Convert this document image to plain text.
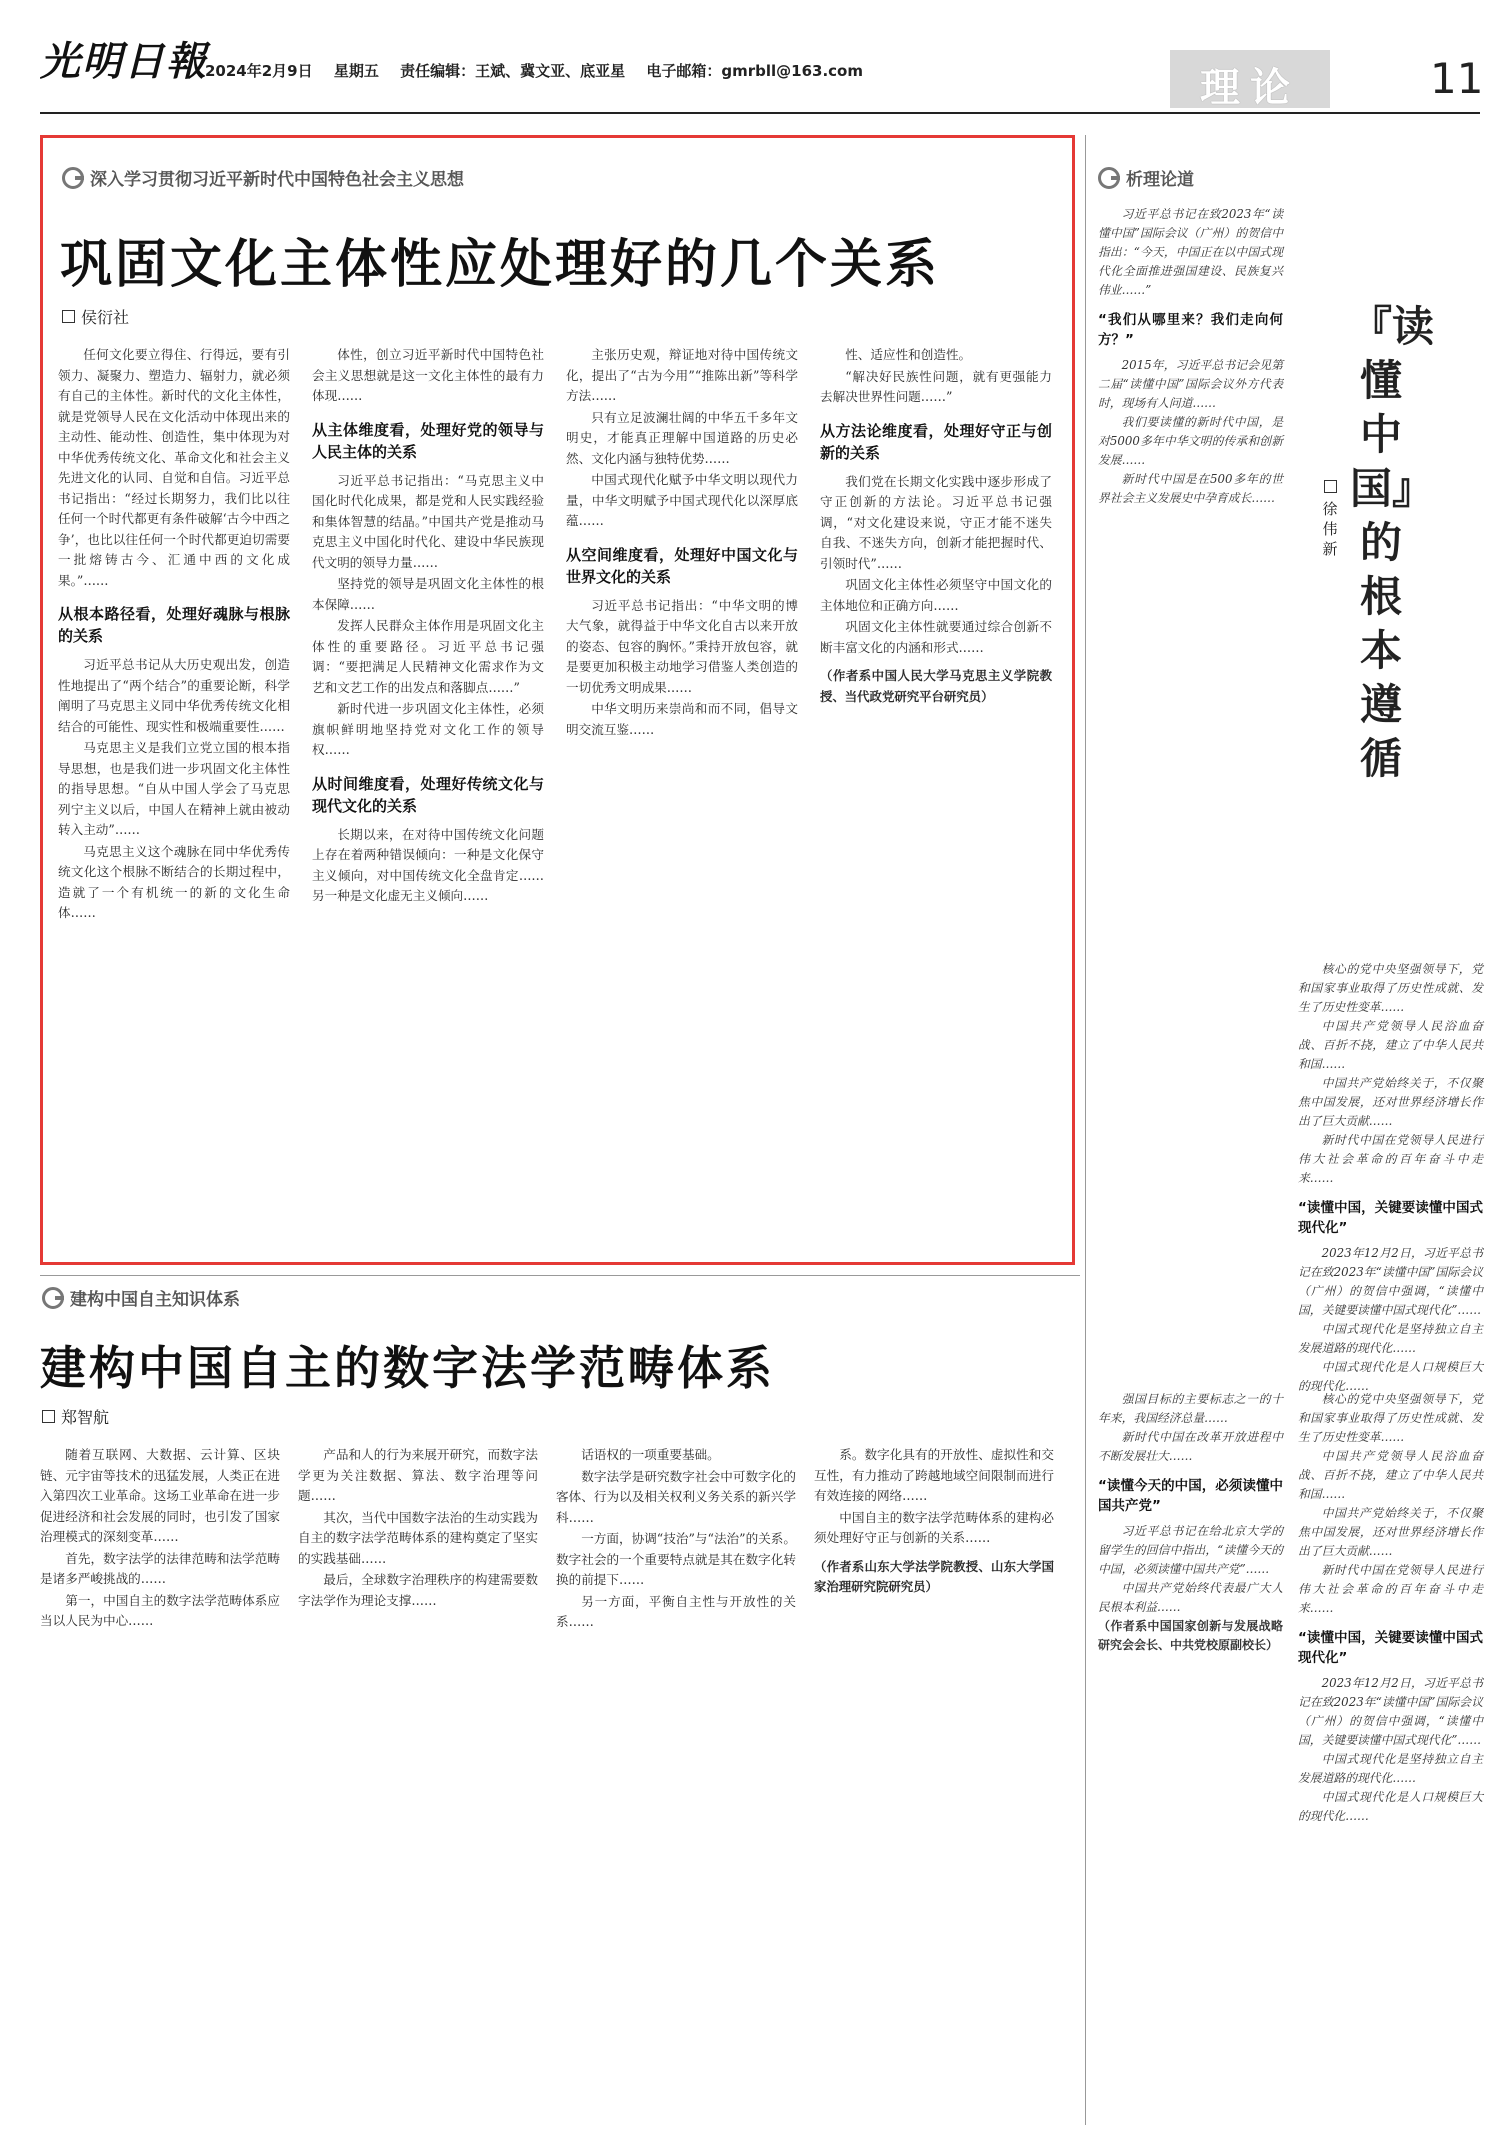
光明日報
2024年2月9日 星期五 责任编辑：王斌、冀文亚、底亚星 电子邮箱：gmrbll@163.com	理论	11
深入学习贯彻习近平新时代中国特色社会主义思想
巩固文化主体性应处理好的几个关系
侯衍社

任何文化要立得住、行得远，要有引领力、凝聚力、塑造力、辐射力，就必须有自己的主体性。新时代的文化主体性，就是党领导人民在文化活动中体现出来的主动性、能动性、创造性，集中体现为对中华优秀传统文化、革命文化和社会主义先进文化的认同、自觉和自信。习近平总书记指出：“经过长期努力，我们比以往任何一个时代都更有条件破解‘古今中西之争’，也比以往任何一个时代都更迫切需要一批熔铸古今、汇通中西的文化成果。”……

从根本路径看，处理好魂脉与根脉的关系

习近平总书记从大历史观出发，创造性地提出了“两个结合”的重要论断，科学阐明了马克思主义同中华优秀传统文化相结合的可能性、现实性和极端重要性……

马克思主义是我们立党立国的根本指导思想，也是我们进一步巩固文化主体性的指导思想。“自从中国人学会了马克思列宁主义以后，中国人在精神上就由被动转入主动”……

马克思主义这个魂脉在同中华优秀传统文化这个根脉不断结合的长期过程中，造就了一个有机统一的新的文化生命体……

体性，创立习近平新时代中国特色社会主义思想就是这一文化主体性的最有力体现……

从主体维度看，处理好党的领导与人民主体的关系

习近平总书记指出：“马克思主义中国化时代化成果，都是党和人民实践经验和集体智慧的结晶。”中国共产党是推动马克思主义中国化时代化、建设中华民族现代文明的领导力量……

坚持党的领导是巩固文化主体性的根本保障……

发挥人民群众主体作用是巩固文化主体性的重要路径。习近平总书记强调：“要把满足人民精神文化需求作为文艺和文艺工作的出发点和落脚点……”

新时代进一步巩固文化主体性，必须旗帜鲜明地坚持党对文化工作的领导权……

从时间维度看，处理好传统文化与现代文化的关系

长期以来，在对待中国传统文化问题上存在着两种错误倾向：一种是文化保守主义倾向，对中国传统文化全盘肯定……另一种是文化虚无主义倾向……

主张历史观，辩证地对待中国传统文化，提出了“古为今用”“推陈出新”等科学方法……

只有立足波澜壮阔的中华五千多年文明史，才能真正理解中国道路的历史必然、文化内涵与独特优势……

中国式现代化赋予中华文明以现代力量，中华文明赋予中国式现代化以深厚底蕴……

从空间维度看，处理好中国文化与世界文化的关系

习近平总书记指出：“中华文明的博大气象，就得益于中华文化自古以来开放的姿态、包容的胸怀。”秉持开放包容，就是要更加积极主动地学习借鉴人类创造的一切优秀文明成果……

中华文明历来崇尚和而不同，倡导文明交流互鉴……

性、适应性和创造性。

“解决好民族性问题，就有更强能力去解决世界性问题……”

从方法论维度看，处理好守正与创新的关系

我们党在长期文化实践中逐步形成了守正创新的方法论。习近平总书记强调，“对文化建设来说，守正才能不迷失自我、不迷失方向，创新才能把握时代、引领时代”……

巩固文化主体性必须坚守中国文化的主体地位和正确方向……

巩固文化主体性就要通过综合创新不断丰富文化的内涵和形式……

（作者系中国人民大学马克思主义学院教授、当代政党研究平台研究员）

析理论道
『读懂中国』的根本遵循
徐伟新

习近平总书记在致2023年“读懂中国”国际会议（广州）的贺信中指出：“今天，中国正在以中国式现代化全面推进强国建设、民族复兴伟业……”

“我们从哪里来？我们走向何方？”

2015年，习近平总书记会见第二届“读懂中国”国际会议外方代表时，现场有人问道……

我们要读懂的新时代中国，是对5000多年中华文明的传承和创新发展……

新时代中国是在500多年的世界社会主义发展史中孕育成长……

核心的党中央坚强领导下，党和国家事业取得了历史性成就、发生了历史性变革……

中国共产党领导人民浴血奋战、百折不挠，建立了中华人民共和国……

中国共产党始终关于，不仅聚焦中国发展，还对世界经济增长作出了巨大贡献……

新时代中国在党领导人民进行伟大社会革命的百年奋斗中走来……

“读懂中国，关键要读懂中国式现代化”

2023年12月2日，习近平总书记在致2023年“读懂中国”国际会议（广州）的贺信中强调，“读懂中国，关键要读懂中国式现代化”……

中国式现代化是坚持独立自主发展道路的现代化……

中国式现代化是人口规模巨大的现代化……

强国目标的主要标志之一的十年来，我国经济总量……

新时代中国在改革开放进程中不断发展壮大……

“读懂今天的中国，必须读懂中国共产党”

习近平总书记在给北京大学的留学生的回信中指出，“读懂今天的中国，必须读懂中国共产党”……

中国共产党始终代表最广大人民根本利益……

（作者系中国国家创新与发展战略研究会会长、中共党校原副校长）

核心的党中央坚强领导下，党和国家事业取得了历史性成就、发生了历史性变革……

中国共产党领导人民浴血奋战、百折不挠，建立了中华人民共和国……

中国共产党始终关于，不仅聚焦中国发展，还对世界经济增长作出了巨大贡献……

新时代中国在党领导人民进行伟大社会革命的百年奋斗中走来……

“读懂中国，关键要读懂中国式现代化”

2023年12月2日，习近平总书记在致2023年“读懂中国”国际会议（广州）的贺信中强调，“读懂中国，关键要读懂中国式现代化”……

中国式现代化是坚持独立自主发展道路的现代化……

中国式现代化是人口规模巨大的现代化……

建构中国自主知识体系
建构中国自主的数字法学范畴体系
郑智航

随着互联网、大数据、云计算、区块链、元宇宙等技术的迅猛发展，人类正在进入第四次工业革命。这场工业革命在进一步促进经济和社会发展的同时，也引发了国家治理模式的深刻变革……

首先，数字法学的法律范畴和法学范畴是诸多严峻挑战的……

第一，中国自主的数字法学范畴体系应当以人民为中心……

产品和人的行为来展开研究，而数字法学更为关注数据、算法、数字治理等问题……

其次，当代中国数字法治的生动实践为自主的数字法学范畴体系的建构奠定了坚实的实践基础……

最后，全球数字治理秩序的构建需要数字法学作为理论支撑……

话语权的一项重要基础。

数字法学是研究数字社会中可数字化的客体、行为以及相关权利义务关系的新兴学科……

一方面，协调“技治”与“法治”的关系。数字社会的一个重要特点就是其在数字化转换的前提下……

另一方面，平衡自主性与开放性的关系……

系。数字化具有的开放性、虚拟性和交互性，有力推动了跨越地域空间限制而进行有效连接的网络……

中国自主的数字法学范畴体系的建构必须处理好守正与创新的关系……

（作者系山东大学法学院教授、山东大学国家治理研究院研究员）
